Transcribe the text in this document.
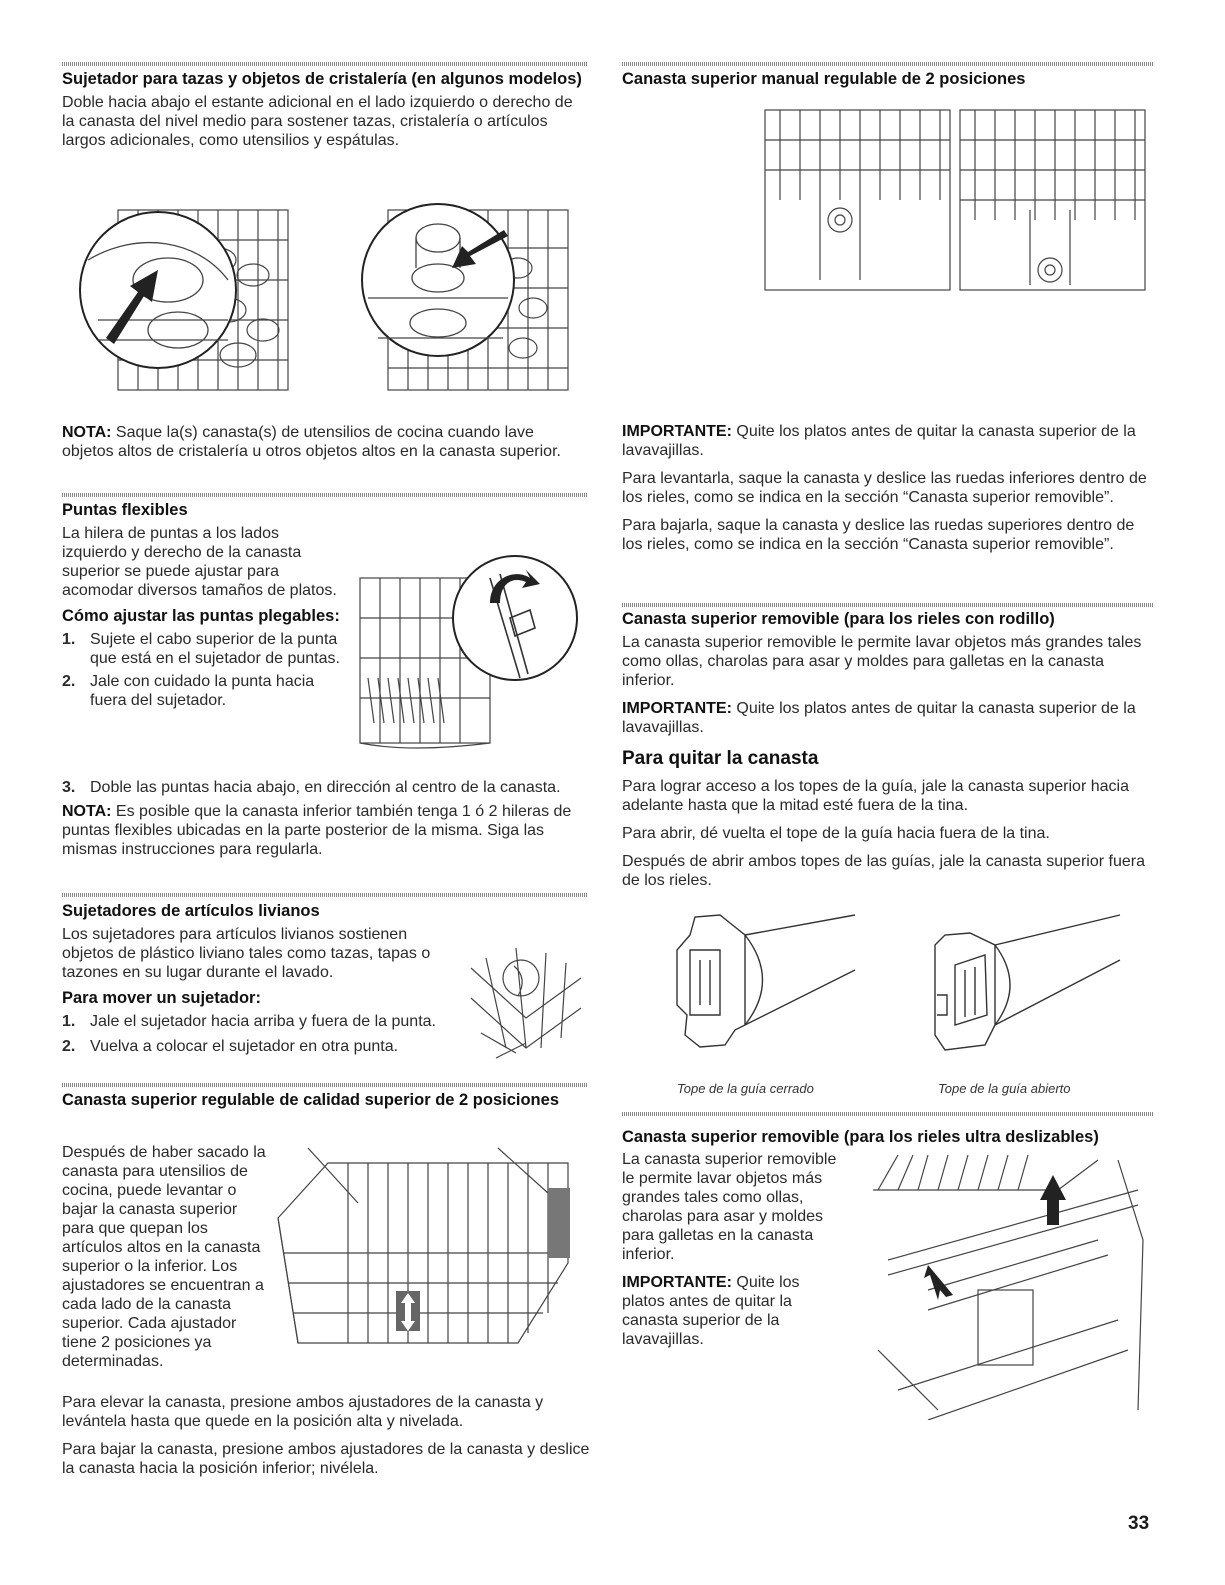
Sujetador para tazas y objetos de cristalería (en algunos modelos)

Doble hacia abajo el estante adicional en el lado izquierdo o derecho de la canasta del nivel medio para sostener tazas, cristalería o artículos largos adicionales, como utensilios y espátulas.

NOTA: Saque la(s) canasta(s) de utensilios de cocina cuando lave objetos altos de cristalería u otros objetos altos en la canasta superior.

Puntas flexibles

La hilera de puntas a los lados izquierdo y derecho de la canasta superior se puede ajustar para acomodar diversos tamaños de platos.

Cómo ajustar las puntas plegables:
1. Sujete el cabo superior de la punta que está en el sujetador de puntas.
2. Jale con cuidado la punta hacia fuera del sujetador.
3. Doble las puntas hacia abajo, en dirección al centro de la canasta.

NOTA: Es posible que la canasta inferior también tenga 1 ó 2 hileras de puntas flexibles ubicadas en la parte posterior de la misma. Siga las mismas instrucciones para regularla.

Sujetadores de artículos livianos

Los sujetadores para artículos livianos sostienen objetos de plástico liviano tales como tazas, tapas o tazones en su lugar durante el lavado.

Para mover un sujetador:
1. Jale el sujetador hacia arriba y fuera de la punta.
2. Vuelva a colocar el sujetador en otra punta.
Canasta superior regulable de calidad superior de 2 posiciones

Después de haber sacado la canasta para utensilios de cocina, puede levantar o bajar la canasta superior para que quepan los artículos altos en la canasta superior o la inferior. Los ajustadores se encuentran a cada lado de la canasta superior. Cada ajustador tiene 2 posiciones ya determinadas.

Para elevar la canasta, presione ambos ajustadores de la canasta y levántela hasta que quede en la posición alta y nivelada.

Para bajar la canasta, presione ambos ajustadores de la canasta y deslice la canasta hacia la posición inferior; nivélela.

Canasta superior manual regulable de 2 posiciones

IMPORTANTE: Quite los platos antes de quitar la canasta superior de la lavavajillas.

Para levantarla, saque la canasta y deslice las ruedas inferiores dentro de los rieles, como se indica en la sección “Canasta superior removible”.

Para bajarla, saque la canasta y deslice las ruedas superiores dentro de los rieles, como se indica en la sección “Canasta superior removible”.

Canasta superior removible (para los rieles con rodillo)

La canasta superior removible le permite lavar objetos más grandes tales como ollas, charolas para asar y moldes para galletas en la canasta inferior.

IMPORTANTE: Quite los platos antes de quitar la canasta superior de la lavavajillas.

Para quitar la canasta

Para lograr acceso a los topes de la guía, jale la canasta superior hacia adelante hasta que la mitad esté fuera de la tina.

Para abrir, dé vuelta el tope de la guía hacia fuera de la tina.

Después de abrir ambos topes de las guías, jale la canasta superior fuera de los rieles.

Tope de la guía cerrado	Tope de la guía abierto
Canasta superior removible (para los rieles ultra deslizables)

La canasta superior removible le permite lavar objetos más grandes tales como ollas, charolas para asar y moldes para galletas en la canasta inferior.

IMPORTANTE: Quite los platos antes de quitar la canasta superior de la lavavajillas.

33
